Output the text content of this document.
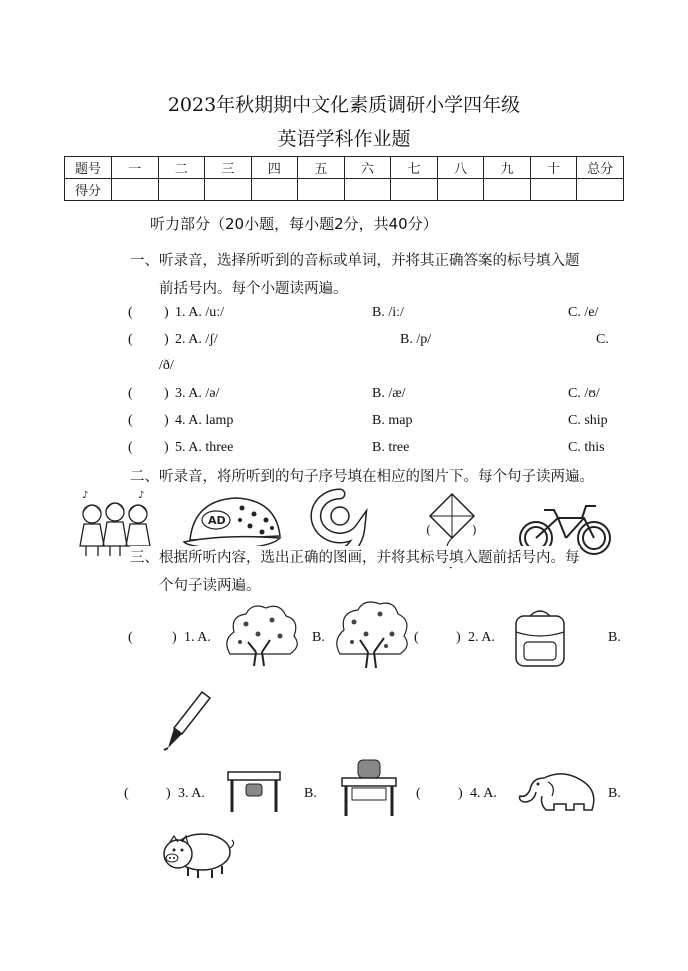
2023年秋期期中文化素质调研小学四年级
英语学科作业题
题号	一	二	三	四	五	六	七	八	九	十	总分
得分											
听力部分（20小题，每小题2分，共40分）
一、听录音，选择所听到的音标或单词，并将其正确答案的标号填入题
前括号内。每个小题读两遍。
( ) 1. A. /uː/	B. /iː/	C. /e/
( ) 2. A. /ʃ/	B. /p/	C.
/ð/
( ) 3. A. /ə/	B. /æ/	C. /ʊ/
( ) 4. A. lamp	B. map	C. ship
( ) 5. A. three	B. tree	C. this
二、听录音，将所听到的句子序号填在相应的图片下。每个句子读两遍。
♪	♪
AD
(	)
三、根据所听内容，选出正确的图画，并将其标号填入题前括号内。每
个句子读两遍。
(	) 1. A.	B.	(	) 2. A.	B.
(	) 3. A.	B.	(	) 4. A.	B.
